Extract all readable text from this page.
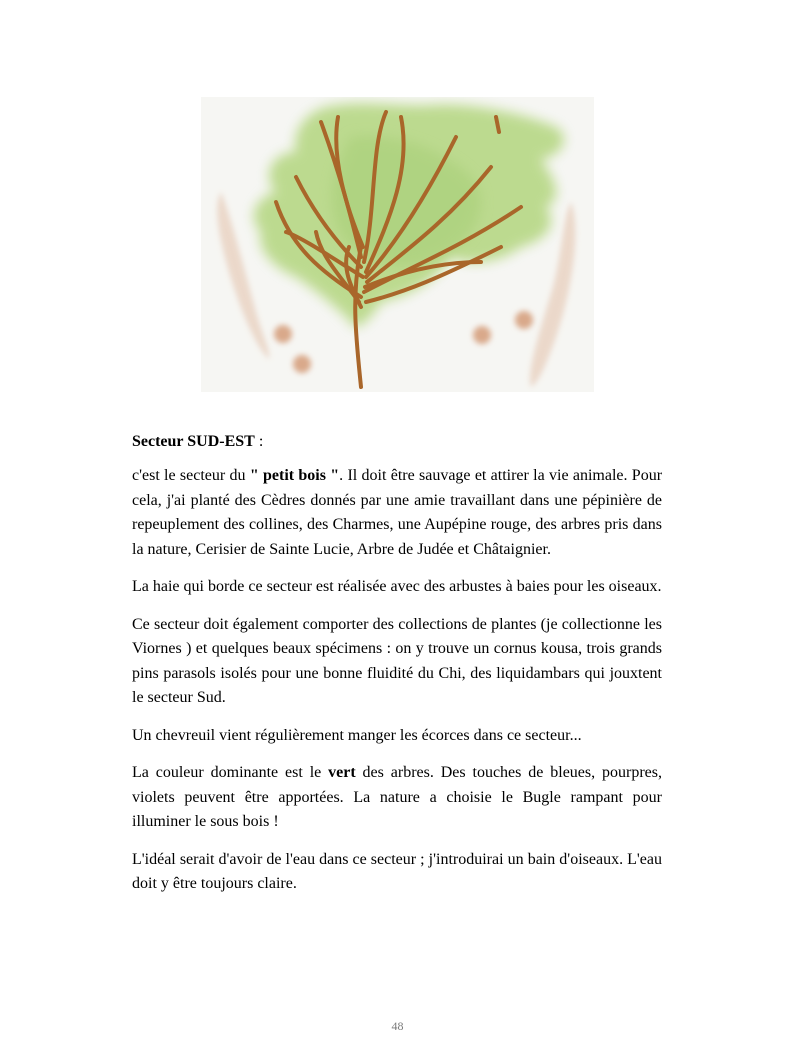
Secteur SUD-EST :

c'est le secteur du " petit bois ". Il doit être sauvage et attirer la vie animale. Pour cela, j'ai planté des Cèdres donnés par une amie travaillant dans une pépinière de repeuplement des collines, des Charmes, une Aupépine rouge, des arbres pris dans la nature, Cerisier de Sainte Lucie, Arbre de Judée et Châtaignier.

La haie qui borde ce secteur est réalisée avec des arbustes à baies pour les oiseaux.

Ce secteur doit également comporter des collections de plantes (je collectionne les Viornes ) et quelques beaux spécimens : on y trouve un cornus kousa, trois grands pins parasols isolés pour une bonne fluidité du Chi, des liquidambars qui jouxtent le secteur Sud.

Un chevreuil vient régulièrement manger les écorces dans ce secteur...

La couleur dominante est le vert des arbres. Des touches de bleues, pourpres, violets peuvent être apportées. La nature a choisie le Bugle rampant pour illuminer le sous bois !

L'idéal serait d'avoir de l'eau dans ce secteur ; j'introduirai un bain d'oiseaux. L'eau doit y être toujours claire.

48
